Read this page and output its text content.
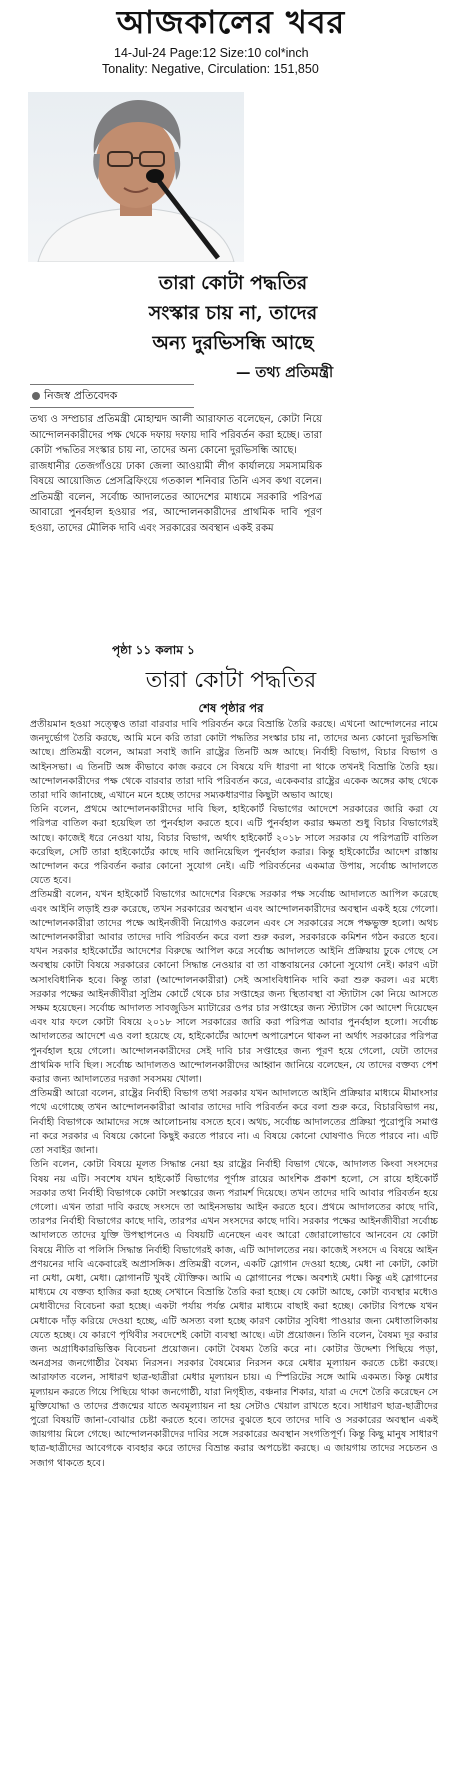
আজকালের খবর
14-Jul-24 Page:12 Size:10 col*inch
Tonality: Negative, Circulation: 151,850
তারা কোটা পদ্ধতির
সংস্কার চায় না, তাদের
অন্য দুরভিসন্ধি আছে
— তথ্য প্রতিমন্ত্রী
নিজস্ব প্রতিবেদক

তথ্য ও সম্প্রচার প্রতিমন্ত্রী মোহাম্মদ আলী আরাফাত বলেছেন, কোটা নিয়ে আন্দোলনকারীদের পক্ষ থেকে দফায় দফায় দাবি পরিবর্তন করা হচ্ছে। তারা কোটা পদ্ধতির সংস্কার চায় না, তাদের অন্য কোনো দুরভিসন্ধি আছে।

রাজধানীর তেজগাঁওয়ে ঢাকা জেলা আওয়ামী লীগ কার্যালয়ে সমসাময়িক বিষয়ে আয়োজিত প্রেসব্রিফিংয়ে গতকাল শনিবার তিনি এসব কথা বলেন। প্রতিমন্ত্রী বলেন, সর্বোচ্চ আদালতের আদেশের মাধ্যমে সরকারি পরিপত্র আবারো পুনর্বহাল হওয়ার পর, আন্দোলনকারীদের প্রাথমিক দাবি পূরণ হওয়া, তাদের মৌলিক দাবি এবং সরকারের অবস্থান একই রকম

পৃষ্ঠা ১১ কলাম ১
তারা কোটা পদ্ধতির
শেষ পৃষ্ঠার পর

প্রতীয়মান হওয়া সত্ত্বেও তারা বারবার দাবি পরিবর্তন করে বিভ্রান্তি তৈরি করছে। এখনো আন্দোলনের নামে জনদুর্ভোগ তৈরি করছে, আমি মনে করি তারা কোটা পদ্ধতির সংস্কার চায় না, তাদের অন্য কোনো দুরভিসন্ধি আছে। প্রতিমন্ত্রী বলেন, আমরা সবাই জানি রাষ্ট্রের তিনটি অঙ্গ আছে। নির্বাহী বিভাগ, বিচার বিভাগ ও আইনসভা। এ তিনটি অঙ্গ কীভাবে কাজ করবে সে বিষয়ে যদি ধারণা না থাকে তখনই বিভ্রান্তি তৈরি হয়। আন্দোলনকারীদের পক্ষ থেকে বারবার তারা দাবি পরিবর্তন করে, একেকবার রাষ্ট্রের একেক অঙ্গের কাছ থেকে তারা দাবি জানাচ্ছে, এখানে মনে হচ্ছে তাদের সম্যকধারণার কিছুটা অভাব আছে।

তিনি বলেন, প্রথমে আন্দোলনকারীদের দাবি ছিল, হাইকোর্ট বিভাগের আদেশে সরকারের জারি করা যে পরিপত্র বাতিল করা হয়েছিল তা পুনর্বহাল করতে হবে। এটি পুনর্বহাল করার ক্ষমতা শুধু বিচার বিভাগেরই আছে। কাজেই ধরে নেওয়া যায়, বিচার বিভাগ, অর্থাৎ হাইকোর্ট ২০১৮ সালে সরকার যে পরিপত্রটি বাতিল করেছিল, সেটি তারা হাইকোর্টের কাছে দাবি জানিয়েছিল পুনর্বহাল করার। কিন্তু হাইকোর্টের আদেশ রাস্তায় আন্দোলন করে পরিবর্তন করার কোনো সুযোগ নেই। এটি পরিবর্তনের একমাত্র উপায়, সর্বোচ্চ আদালতে যেতে হবে।

প্রতিমন্ত্রী বলেন, যখন হাইকোর্ট বিভাগের আদেশের বিরুদ্ধে সরকার পক্ষ সর্বোচ্চ আদালতে আপিল করেছে এবং আইনি লড়াই শুরু করেছে, তখন সরকারের অবস্থান এবং আন্দোলনকারীদের অবস্থান একই হয়ে গেলো। আন্দোলনকারীরা তাদের পক্ষে আইনজীবী নিয়োগও করলেন এবং সে সরকারের সঙ্গে পক্ষভুক্ত হলো। অথচ আন্দোলনকারীরা আবার তাদের দাবি পরিবর্তন করে বলা শুরু করল, সরকারকে কমিশন গঠন করতে হবে। যখন সরকার হাইকোর্টের আদেশের বিরুদ্ধে আপিল করে সর্বোচ্চ আদালতে আইনি প্রক্রিয়ায় ঢুকে গেছে সে অবস্থায় কোটা বিষয়ে সরকারের কোনো সিদ্ধান্ত নেওয়ার বা তা বাস্তবায়নের কোনো সুযোগ নেই। কারণ এটা অসাংবিধানিক হবে। কিন্তু তারা (আন্দোলনকারীরা) সেই অসাংবিধানিক দাবি করা শুরু করল। এর মধ্যে সরকার পক্ষের আইনজীবীরা সুপ্রিম কোর্টে থেকে চার সপ্তাহের জন্য স্থিতাবস্থা বা স্ট্যাটাস কো নিয়ে আসতে সক্ষম হয়েছেন। সর্বোচ্চ আদালত সাবজুডিস ম্যাটারের ওপর চার সপ্তাহের জন্য স্ট্যাটাস কো আদেশ দিয়েছেন এবং যার ফলে কোটা বিষয়ে ২০১৮ সালে সরকারের জারি করা পরিপত্র আবার পুনর্বহাল হলো। সর্বোচ্চ আদালতের আদেশে এও বলা হয়েছে যে, হাইকোর্টের আদেশ অপারেশনে থাকল না অর্থাৎ সরকারের পরিপত্র পুনর্বহাল হয়ে গেলো। আন্দোলনকারীদের সেই দাবি চার সপ্তাহের জন্য পূরণ হয়ে গেলো, যেটা তাদের প্রাথমিক দাবি ছিল। সর্বোচ্চ আদালতও আন্দোলনকারীদের আহ্বান জানিয়ে বলেছেন, যে তাদের বক্তব্য পেশ করার জন্য আদালতের দরজা সবসময় খোলা।

প্রতিমন্ত্রী আরো বলেন, রাষ্ট্রের নির্বাহী বিভাগ তথা সরকার যখন আদালতে আইনি প্রক্রিয়ার মাধ্যমে মীমাংসার পথে এগোচ্ছে তখন আন্দোলনকারীরা আবার তাদের দাবি পরিবর্তন করে বলা শুরু করে, বিচারবিভাগ নয়, নির্বাহী বিভাগকে আমাদের সঙ্গে আলোচনায় বসতে হবে। অথচ, সর্বোচ্চ আদালতের প্রক্রিয়া পুরোপুরি সমাপ্ত না করে সরকার এ বিষয়ে কোনো কিছুই করতে পারবে না। এ বিষয়ে কোনো ঘোষণাও দিতে পারবে না। এটি তো সবাইর জানা।

তিনি বলেন, কোটা বিষয়ে মূলত সিদ্ধান্ত নেয়া হয় রাষ্ট্রের নির্বাহী বিভাগ থেকে, আদালত কিংবা সংসদের বিষয় নয় এটি। সবশেষ যখন হাইকোর্ট বিভাগের পূর্ণাঙ্গ রায়ের আংশিক প্রকাশ হলো, সে রায়ে হাইকোর্ট সরকার তথা নির্বাহী বিভাগকে কোটা সংস্কারের জন্য পরামর্শ দিয়েছে। তখন তাদের দাবি আবার পরিবর্তন হয়ে গেলো। এখন তারা দাবি করছে সংসদে তা আইনসভায় আইন করতে হবে। প্রথমে আদালতের কাছে দাবি, তারপর নির্বাহী বিভাগের কাছে দাবি, তারপর এখন সংসদের কাছে দাবি। সরকার পক্ষের আইনজীবীরা সর্বোচ্চ আদালতে তাদের যুক্তি উপস্থাপনেও এ বিষয়টি এনেছেন এবং আরো জোরালোভাবে আনবেন যে কোটা বিষয়ে নীতি বা পলিসি সিদ্ধান্ত নির্বাহী বিভাগেরই কাজ, এটি আদালতের নয়। কাজেই সংসদে এ বিষয়ে আইন প্রণয়নের দাবি একেবারেই অপ্রাসঙ্গিক। প্রতিমন্ত্রী বলেন, একটি স্লোগান দেওয়া হচ্ছে, মেধা না কোটা, কোটা না মেধা, মেধা, মেধা। স্লোগানটি খুবই যৌক্তিক। আমি এ স্লোগানের পক্ষে। অবশ্যই মেধা। কিন্তু এই স্লোগানের মাধ্যমে যে বক্তব্য হাজির করা হচ্ছে সেখানে বিভ্রান্তি তৈরি করা হচ্ছে। যে কোটা আছে, কোটা ব্যবস্থার মধ্যেও মেধাবীদের বিবেচনা করা হচ্ছে। একটা পর্যায় পর্যন্ত মেধার মাধ্যমে বাছাই করা হচ্ছে। কোটার বিপক্ষে যখন মেধাকে দাঁড় করিয়ে দেওয়া হচ্ছে, এটি অসত্য বলা হচ্ছে কারণ কোটার সুবিধা পাওয়ার জন্য মেধাতালিকায় যেতে হচ্ছে। যে কারণে পৃথিবীর সবদেশেই কোটা ব্যবস্থা আছে। এটা প্রয়োজন। তিনি বলেন, বৈষম্য দূর করার জন্য অগ্রাধিকারভিত্তিক বিবেচনা প্রয়োজন। কোটা বৈষম্য তৈরি করে না। কোটার উদ্দেশ্য পিছিয়ে পড়া, অনগ্রসর জনগোষ্ঠীর বৈষম্য নিরসন। সরকার বৈষম্যের নিরসন করে মেধার মূল্যায়ন করতে চেষ্টা করছে। আরাফাত বলেন, সাধারণ ছাত্র-ছাত্রীরা মেধার মূল্যায়ন চায়। এ স্পিরিটের সঙ্গে আমি একমত। কিন্তু মেধার মূল্যায়ন করতে গিয়ে পিছিয়ে থাকা জনগোষ্ঠী, যারা নিগৃহীত, বঞ্চনার শিকার, যারা এ দেশে তৈরি করেছেন সে মুক্তিযোদ্ধা ও তাদের প্রজন্মের যাতে অবমূল্যায়ন না হয় সেটাও খেয়াল রাখতে হবে। সাধারণ ছাত্র-ছাত্রীদের পুরো বিষয়টি জানা-বোঝার চেষ্টা করতে হবে। তাদের বুঝতে হবে তাদের দাবি ও সরকারের অবস্থান একই জায়গায় মিলে গেছে। আন্দোলনকারীদের দাবির সঙ্গে সরকারের অবস্থান সংগতিপূর্ণ। কিন্তু কিছু মানুষ সাধারণ ছাত্র-ছাত্রীদের আবেগকে ব্যবহার করে তাদের বিভ্রান্ত করার অপচেষ্টা করছে। এ জায়গায় তাদের সচেতন ও সজাগ থাকতে হবে।
